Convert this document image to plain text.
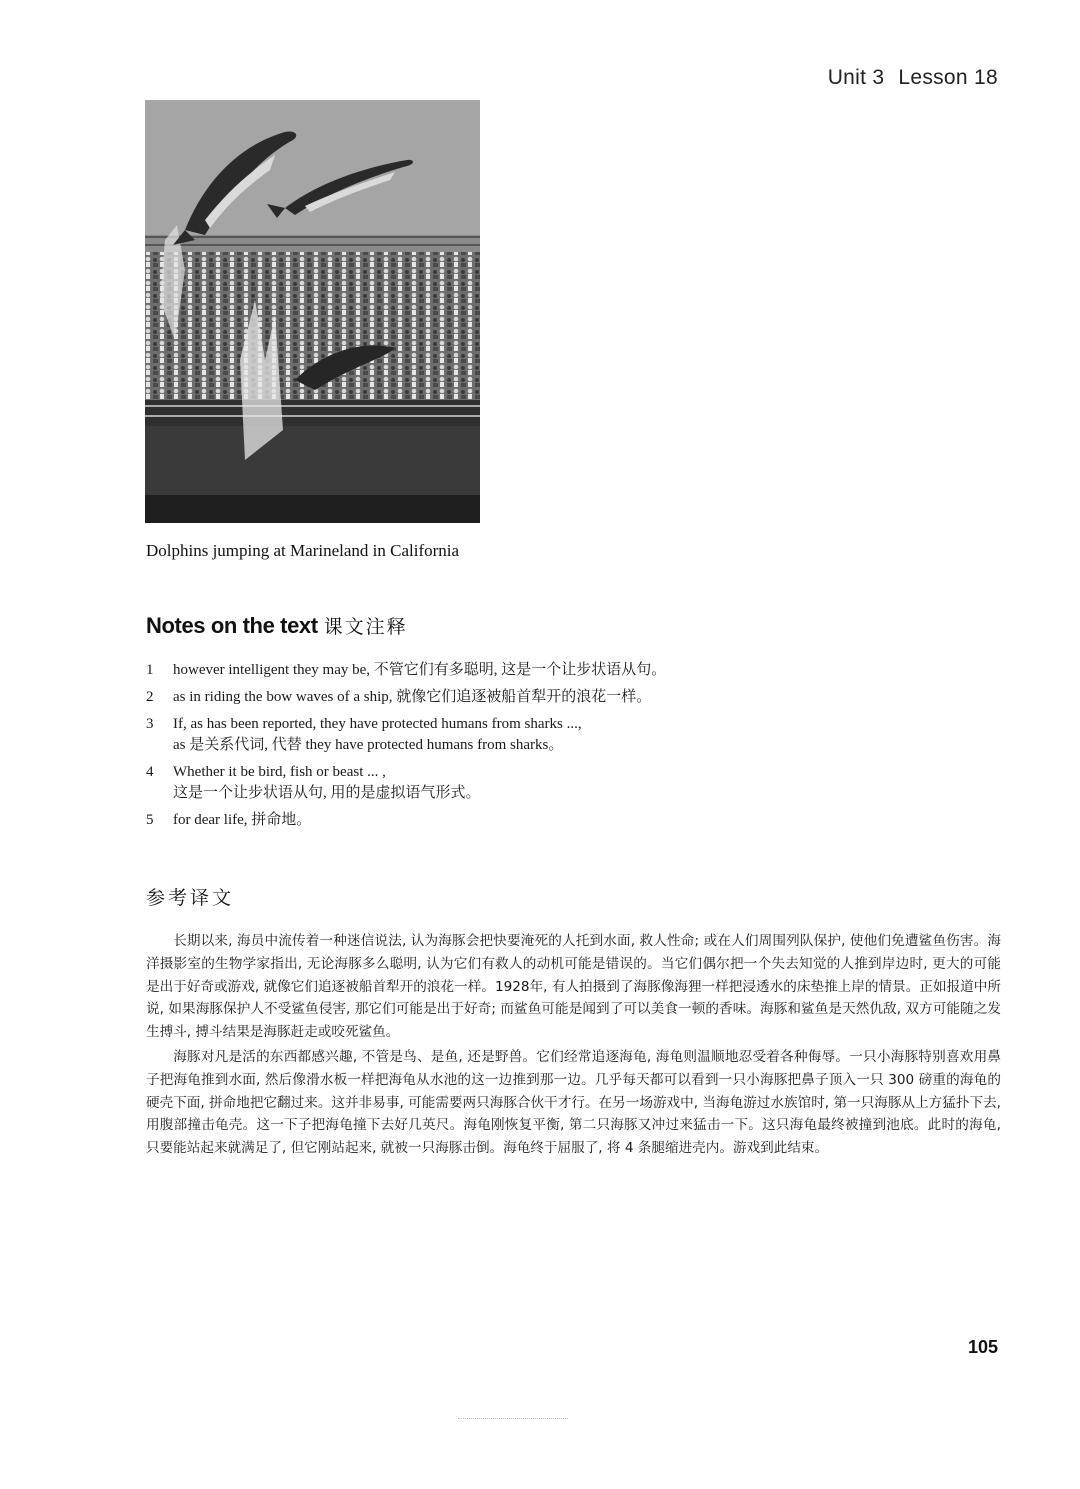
Unit 3 Lesson 18
Dolphins jumping at Marineland in California
Notes on the text 课文注释
1	however intelligent they may be, 不管它们有多聪明, 这是一个让步状语从句。
2	as in riding the bow waves of a ship, 就像它们追逐被船首犁开的浪花一样。
3	If, as has been reported, they have protected humans from sharks ...,
as 是关系代词, 代替 they have protected humans from sharks。
4	Whether it be bird, fish or beast ... ,
这是一个让步状语从句, 用的是虚拟语气形式。
5	for dear life, 拼命地。
参考译文

长期以来, 海员中流传着一种迷信说法, 认为海豚会把快要淹死的人托到水面, 救人性命; 或在人们周围列队保护, 使他们免遭鲨鱼伤害。海洋摄影室的生物学家指出, 无论海豚多么聪明, 认为它们有救人的动机可能是错误的。当它们偶尔把一个失去知觉的人推到岸边时, 更大的可能是出于好奇或游戏, 就像它们追逐被船首犁开的浪花一样。1928年, 有人拍摄到了海豚像海狸一样把浸透水的床垫推上岸的情景。正如报道中所说, 如果海豚保护人不受鲨鱼侵害, 那它们可能是出于好奇; 而鲨鱼可能是闻到了可以美食一顿的香味。海豚和鲨鱼是天然仇敌, 双方可能随之发生搏斗, 搏斗结果是海豚赶走或咬死鲨鱼。

海豚对凡是活的东西都感兴趣, 不管是鸟、是鱼, 还是野兽。它们经常追逐海龟, 海龟则温顺地忍受着各种侮辱。一只小海豚特别喜欢用鼻子把海龟推到水面, 然后像滑水板一样把海龟从水池的这一边推到那一边。几乎每天都可以看到一只小海豚把鼻子顶入一只 300 磅重的海龟的硬壳下面, 拼命地把它翻过来。这并非易事, 可能需要两只海豚合伙干才行。在另一场游戏中, 当海龟游过水族馆时, 第一只海豚从上方猛扑下去, 用腹部撞击龟壳。这一下子把海龟撞下去好几英尺。海龟刚恢复平衡, 第二只海豚又冲过来猛击一下。这只海龟最终被撞到池底。此时的海龟, 只要能站起来就满足了, 但它刚站起来, 就被一只海豚击倒。海龟终于屈服了, 将 4 条腿缩进壳内。游戏到此结束。

105
